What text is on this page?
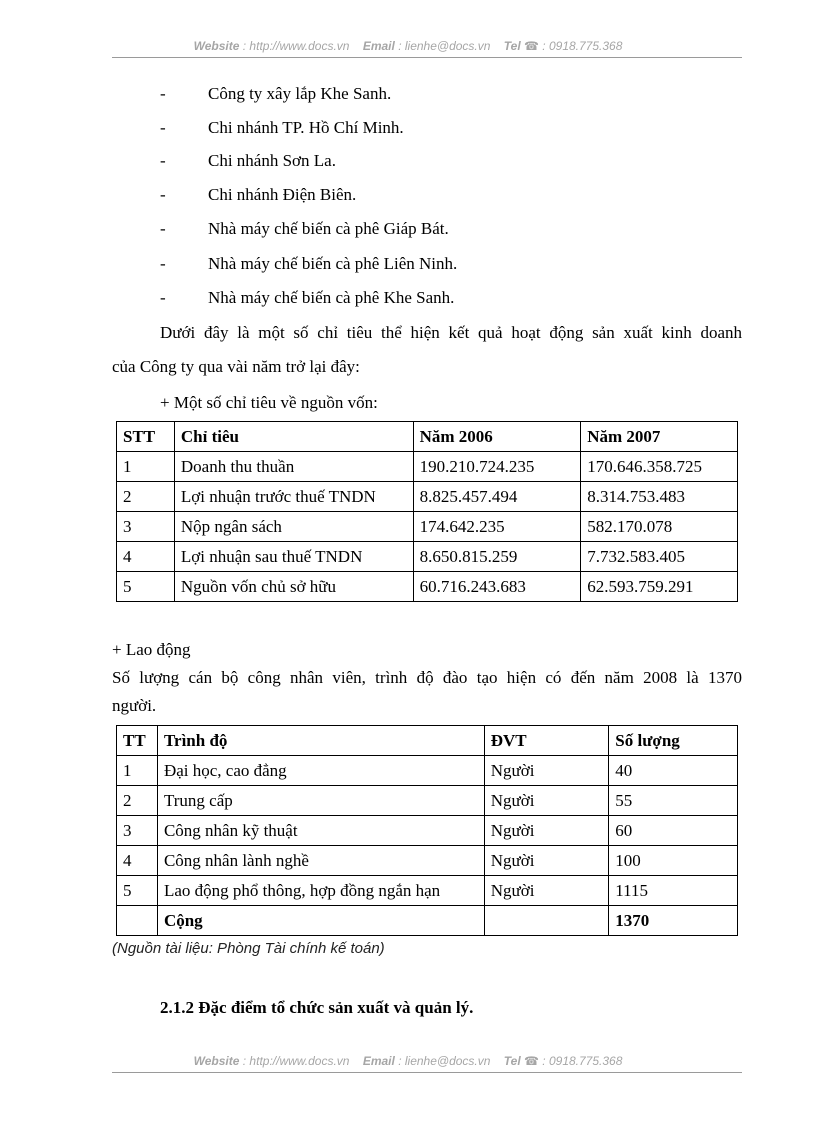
Website : http://www.docs.vn Email : lienhe@docs.vn Tel ☎ : 0918.775.368
- Công ty xây lắp Khe Sanh.
- Chi nhánh TP. Hồ Chí Minh.
- Chi nhánh Sơn La.
- Chi nhánh Điện Biên.
- Nhà máy chế biến cà phê Giáp Bát.
- Nhà máy chế biến cà phê Liên Ninh.
- Nhà máy chế biến cà phê Khe Sanh.
Dưới đây là một số chỉ tiêu thể hiện kết quả hoạt động sản xuất kinh doanh
của Công ty qua vài năm trở lại đây:
+ Một số chỉ tiêu về nguồn vốn:
STT	Chỉ tiêu	Năm 2006	Năm 2007
1	Doanh thu thuần	190.210.724.235	170.646.358.725
2	Lợi nhuận trước thuế TNDN	8.825.457.494	8.314.753.483
3	Nộp ngân sách	174.642.235	582.170.078
4	Lợi nhuận sau thuế TNDN	8.650.815.259	7.732.583.405
5	Nguồn vốn chủ sở hữu	60.716.243.683	62.593.759.291
+ Lao động
Số lượng cán bộ công nhân viên, trình độ đào tạo hiện có đến năm 2008 là 1370
người.
TT	Trình độ	ĐVT	Số lượng
1	Đại học, cao đẳng	Người	40
2	Trung cấp	Người	55
3	Công nhân kỹ thuật	Người	60
4	Công nhân lành nghề	Người	100
5	Lao động phổ thông, hợp đồng ngắn hạn	Người	1115
	Cộng		1370
(Nguồn tài liệu: Phòng Tài chính kế toán)
2.1.2 Đặc điểm tổ chức sản xuất và quản lý.
Website : http://www.docs.vn Email : lienhe@docs.vn Tel ☎ : 0918.775.368
